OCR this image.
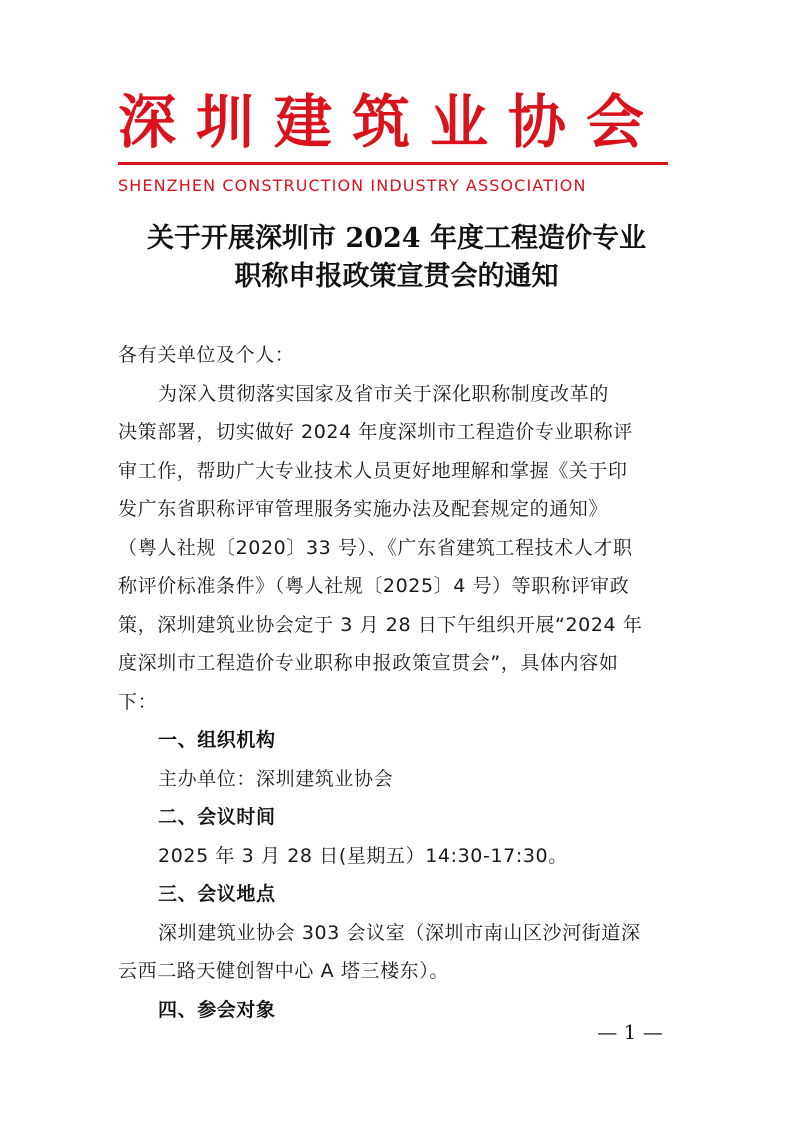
深圳建筑业协会
SHENZHEN CONSTRUCTION INDUSTRY ASSOCIATION
关于开展深圳市 2024 年度工程造价专业
职称申报政策宣贯会的通知

各有关单位及个人：

为深入贯彻落实国家及省市关于深化职称制度改革的
决策部署，切实做好 2024 年度深圳市工程造价专业职称评
审工作，帮助广大专业技术人员更好地理解和掌握《关于印
发广东省职称评审管理服务实施办法及配套规定的通知》
（粤人社规〔2020〕33 号）、《广东省建筑工程技术人才职
称评价标准条件》（粤人社规〔2025〕4 号）等职称评审政
策，深圳建筑业协会定于 3 月 28 日下午组织开展“2024 年
度深圳市工程造价专业职称申报政策宣贯会”，具体内容如
下：

一、组织机构

主办单位：深圳建筑业协会

二、会议时间

2025 年 3 月 28 日(星期五）14:30-17:30。

三、会议地点

深圳建筑业协会 303 会议室（深圳市南山区沙河街道深
云西二路天健创智中心 A 塔三楼东）。

四、参会对象

— 1 —
